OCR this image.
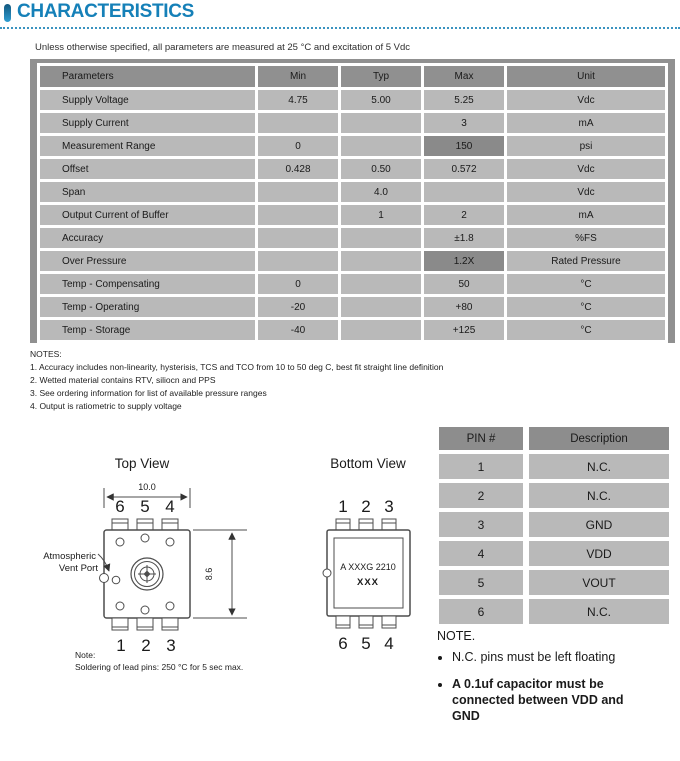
CHARACTERISTICS
Unless otherwise specified, all parameters are measured at 25 °C and excitation of 5 Vdc
Parameters	Min	Typ	Max	Unit
Supply Voltage	4.75	5.00	5.25	Vdc
Supply Current			3	mA
Measurement Range	0		150	psi
Offset	0.428	0.50	0.572	Vdc
Span		4.0		Vdc
Output Current of Buffer		1	2	mA
Accuracy			±1.8	%FS
Over Pressure			1.2X	Rated Pressure
Temp - Compensating	0		50	°C
Temp - Operating	-20		+80	°C
Temp - Storage	-40		+125	°C
NOTES:
1. Accuracy includes non-linearity, hysterisis, TCS and TCO from 10 to 50 deg C, best fit straight line definition
2. Wetted material contains RTV, siliocn and PPS
3. See ordering information for list of available pressure ranges
4. Output is ratiometric to supply voltage
Top View
10.0
6 5 4
Atmospheric
Vent Port	8.6
1 2 3
Note:
Soldering of lead pins: 250 °C for 5 sec max.
Bottom View
1 2 3
A XXXG 2210
XXX
6 5 4
PIN #	Description
1	N.C.
2	N.C.
3	GND
4	VDD
5	VOUT
6	N.C.

NOTE.

• N.C. pins must be left floating
• A 0.1uf capacitor must be connected between VDD and GND
